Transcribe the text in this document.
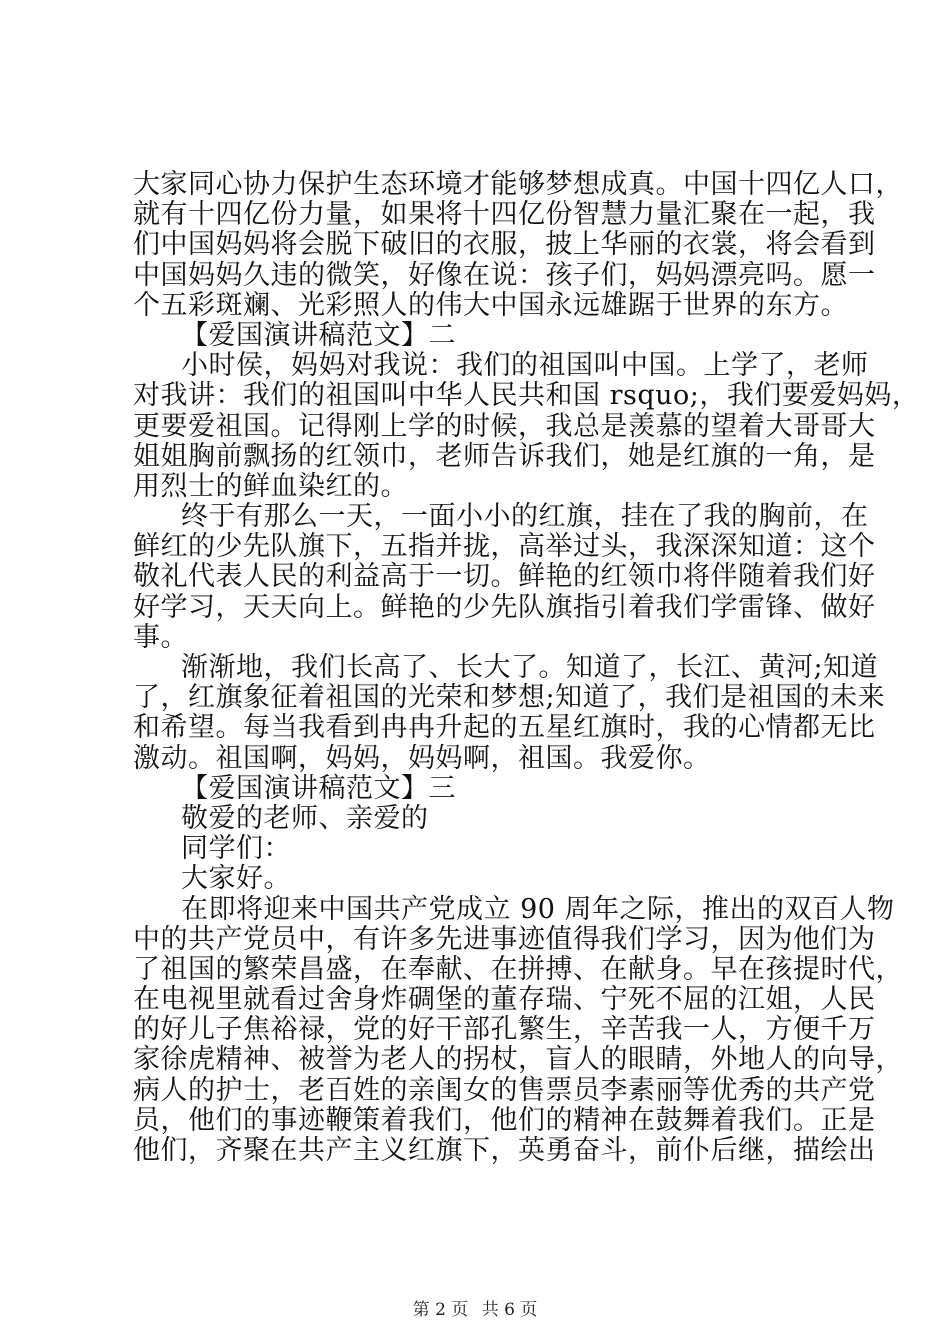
大家同心协力保护生态环境才能够梦想成真。中国十四亿人口，
就有十四亿份力量，如果将十四亿份智慧力量汇聚在一起，我
们中国妈妈将会脱下破旧的衣服，披上华丽的衣裳，将会看到
中国妈妈久违的微笑，好像在说：孩子们，妈妈漂亮吗。愿一
个五彩斑斓、光彩照人的伟大中国永远雄踞于世界的东方。
【爱国演讲稿范文】二
小时侯，妈妈对我说：我们的祖国叫中国。上学了，老师
对我讲：我们的祖国叫中华人民共和国 rsquo;，我们要爱妈妈，
更要爱祖国。记得刚上学的时候，我总是羡慕的望着大哥哥大
姐姐胸前飘扬的红领巾，老师告诉我们，她是红旗的一角，是
用烈士的鲜血染红的。
终于有那么一天，一面小小的红旗，挂在了我的胸前，在
鲜红的少先队旗下，五指并拢，高举过头，我深深知道：这个
敬礼代表人民的利益高于一切。鲜艳的红领巾将伴随着我们好
好学习，天天向上。鲜艳的少先队旗指引着我们学雷锋、做好
事。
渐渐地，我们长高了、长大了。知道了，长江、黄河;知道
了，红旗象征着祖国的光荣和梦想;知道了，我们是祖国的未来
和希望。每当我看到冉冉升起的五星红旗时，我的心情都无比
激动。祖国啊，妈妈，妈妈啊，祖国。我爱你。
【爱国演讲稿范文】三
敬爱的老师、亲爱的
同学们：
大家好。
在即将迎来中国共产党成立 90 周年之际，推出的双百人物
中的共产党员中，有许多先进事迹值得我们学习，因为他们为
了祖国的繁荣昌盛，在奉献、在拼搏、在献身。早在孩提时代，
在电视里就看过舍身炸碉堡的董存瑞、宁死不屈的江姐，人民
的好儿子焦裕禄，党的好干部孔繁生，辛苦我一人，方便千万
家徐虎精神、被誉为老人的拐杖，盲人的眼睛，外地人的向导，
病人的护士，老百姓的亲闺女的售票员李素丽等优秀的共产党
员，他们的事迹鞭策着我们，他们的精神在鼓舞着我们。正是
他们，齐聚在共产主义红旗下，英勇奋斗，前仆后继，描绘出
第 2 页 共 6 页
